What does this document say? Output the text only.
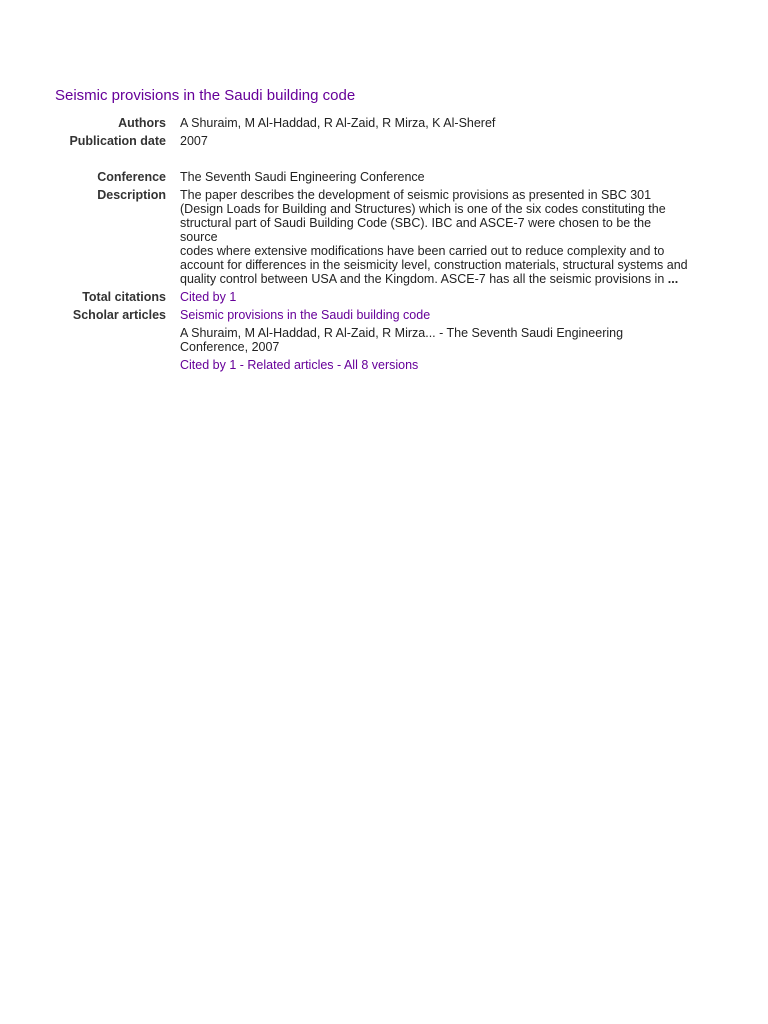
Seismic provisions in the Saudi building code
Authors A Shuraim, M Al-Haddad, R Al-Zaid, R Mirza, K Al-Sheref
Publication date 2007
Conference The Seventh Saudi Engineering Conference
Description The paper describes the development of seismic provisions as presented in SBC 301
(Design Loads for Building and Structures) which is one of the six codes constituting the
structural part of Saudi Building Code (SBC). IBC and ASCE-7 were chosen to be the
source
codes where extensive modifications have been carried out to reduce complexity and to
account for differences in the seismicity level, construction materials, structural systems and
quality control between USA and the Kingdom. ASCE-7 has all the seismic provisions in ...
Total citations Cited by 1
Scholar articles Seismic provisions in the Saudi building code
A Shuraim, M Al-Haddad, R Al-Zaid, R Mirza... - The Seventh Saudi Engineering
Conference, 2007
Cited by 1 - Related articles - All 8 versions
